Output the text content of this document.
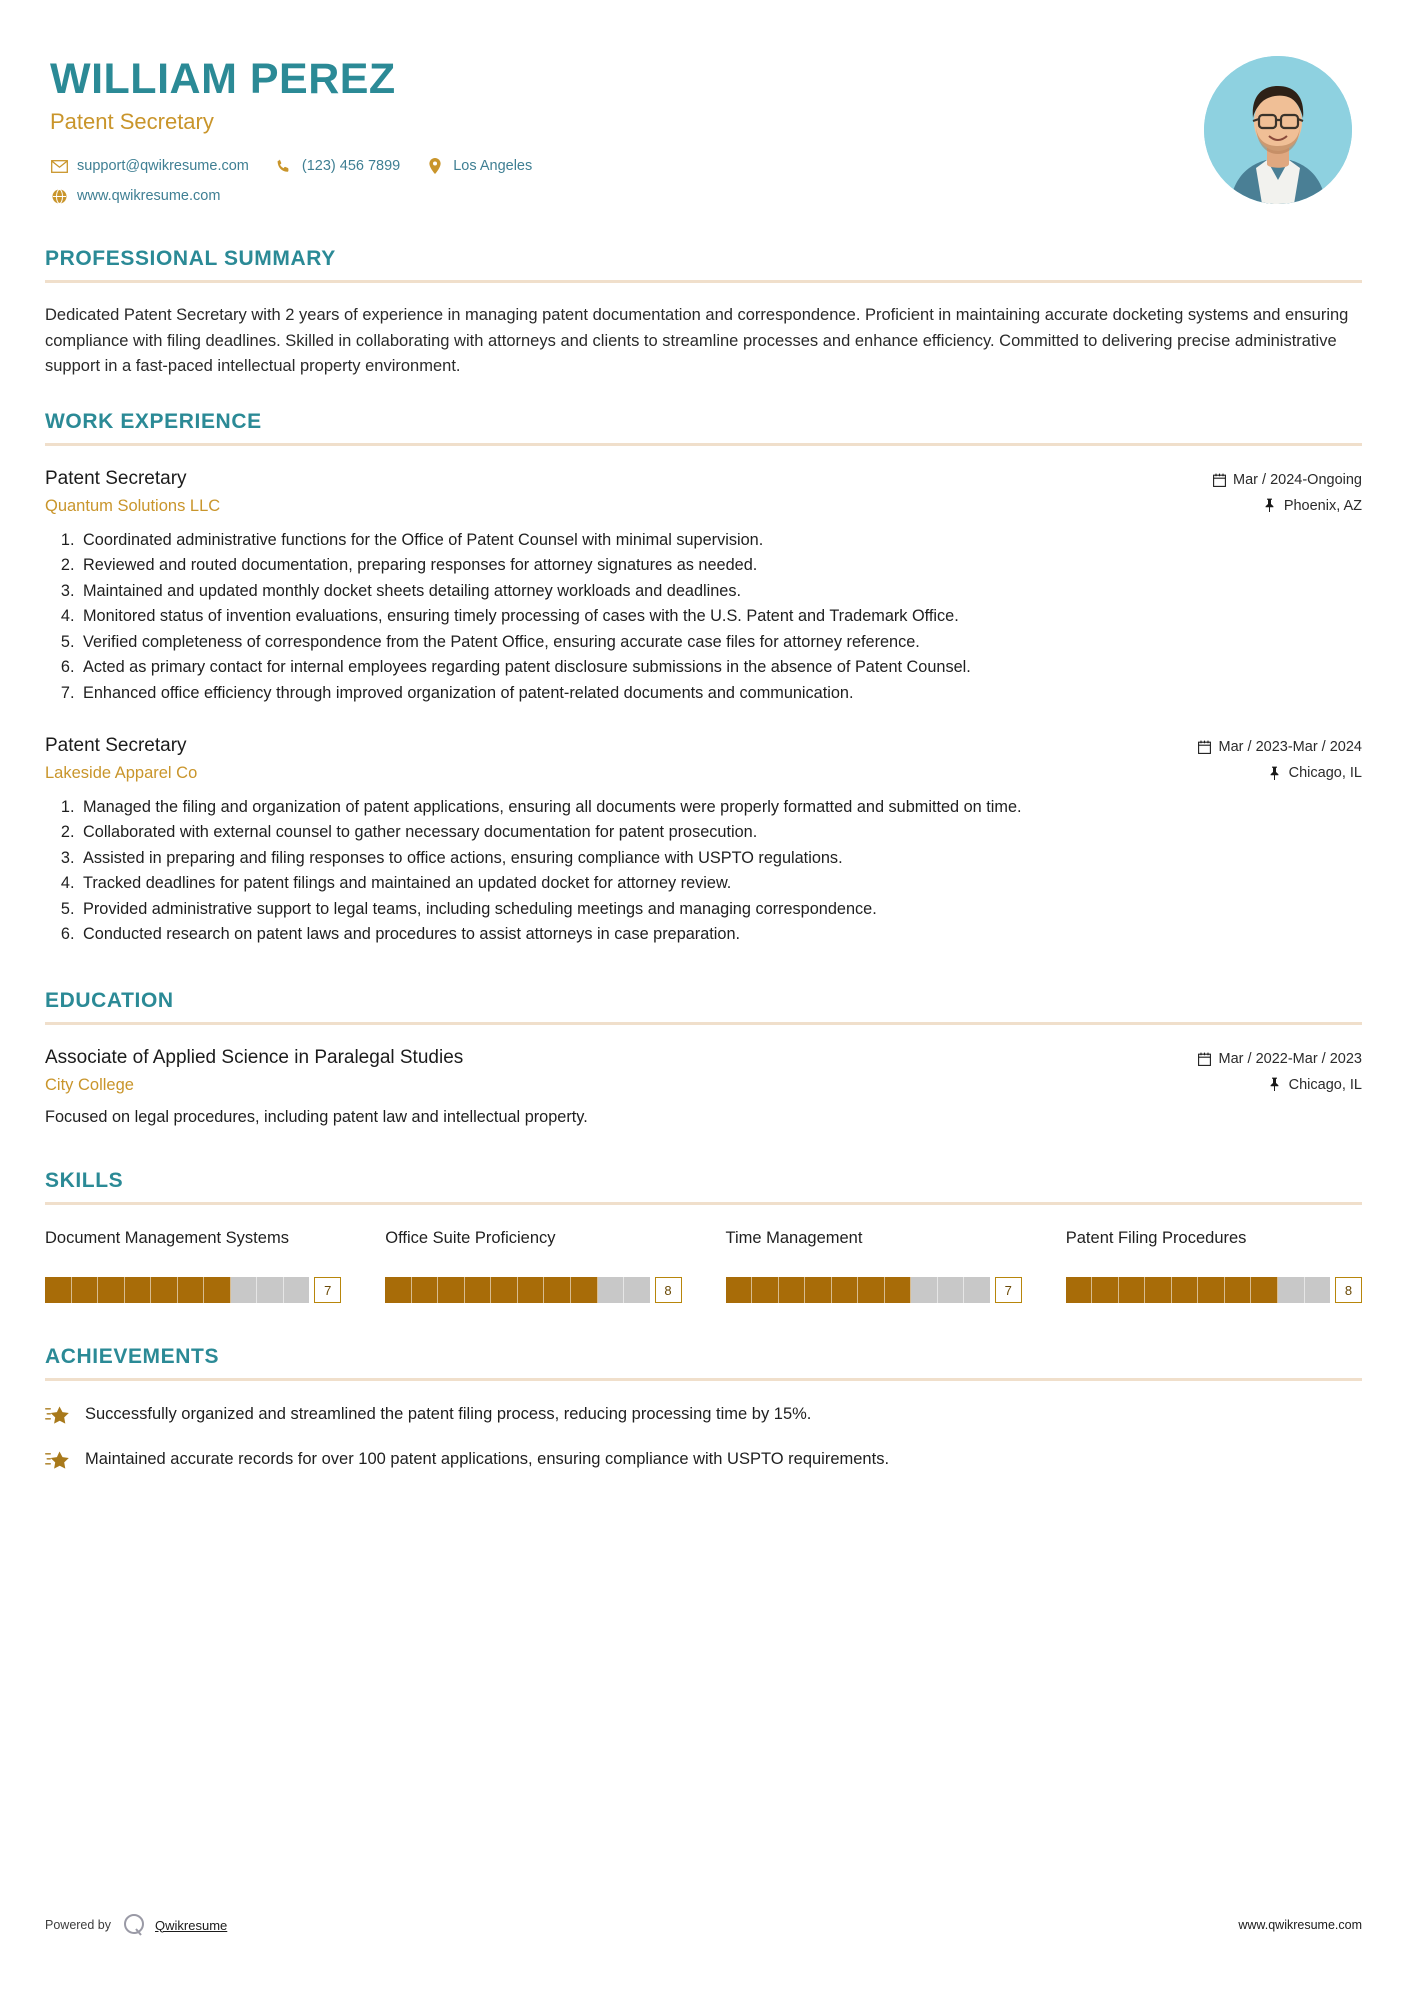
WILLIAM PEREZ
Patent Secretary
support@qwikresume.com	(123) 456 7899	Los Angeles
www.qwikresume.com
PROFESSIONAL SUMMARY
Dedicated Patent Secretary with 2 years of experience in managing patent documentation and correspondence. Proficient in maintaining accurate docketing systems and ensuring compliance with filing deadlines. Skilled in collaborating with attorneys and clients to streamline processes and enhance efficiency. Committed to delivering precise administrative support in a fast-paced intellectual property environment.
WORK EXPERIENCE
Patent Secretary
Quantum Solutions LLC
Mar / 2024-Ongoing
Phoenix, AZ
1. Coordinated administrative functions for the Office of Patent Counsel with minimal supervision.
2. Reviewed and routed documentation, preparing responses for attorney signatures as needed.
3. Maintained and updated monthly docket sheets detailing attorney workloads and deadlines.
4. Monitored status of invention evaluations, ensuring timely processing of cases with the U.S. Patent and Trademark Office.
5. Verified completeness of correspondence from the Patent Office, ensuring accurate case files for attorney reference.
6. Acted as primary contact for internal employees regarding patent disclosure submissions in the absence of Patent Counsel.
7. Enhanced office efficiency through improved organization of patent-related documents and communication.
Patent Secretary
Lakeside Apparel Co
Mar / 2023-Mar / 2024
Chicago, IL
1. Managed the filing and organization of patent applications, ensuring all documents were properly formatted and submitted on time.
2. Collaborated with external counsel to gather necessary documentation for patent prosecution.
3. Assisted in preparing and filing responses to office actions, ensuring compliance with USPTO regulations.
4. Tracked deadlines for patent filings and maintained an updated docket for attorney review.
5. Provided administrative support to legal teams, including scheduling meetings and managing correspondence.
6. Conducted research on patent laws and procedures to assist attorneys in case preparation.
EDUCATION
Associate of Applied Science in Paralegal Studies
City College
Mar / 2022-Mar / 2023
Chicago, IL
Focused on legal procedures, including patent law and intellectual property.
SKILLS
Document Management Systems
7
Office Suite Proficiency
8
Time Management
7
Patent Filing Procedures
8
ACHIEVEMENTS
Successfully organized and streamlined the patent filing process, reducing processing time by 15%.
Maintained accurate records for over 100 patent applications, ensuring compliance with USPTO requirements.
Powered by	Qwikresume	www.qwikresume.com
